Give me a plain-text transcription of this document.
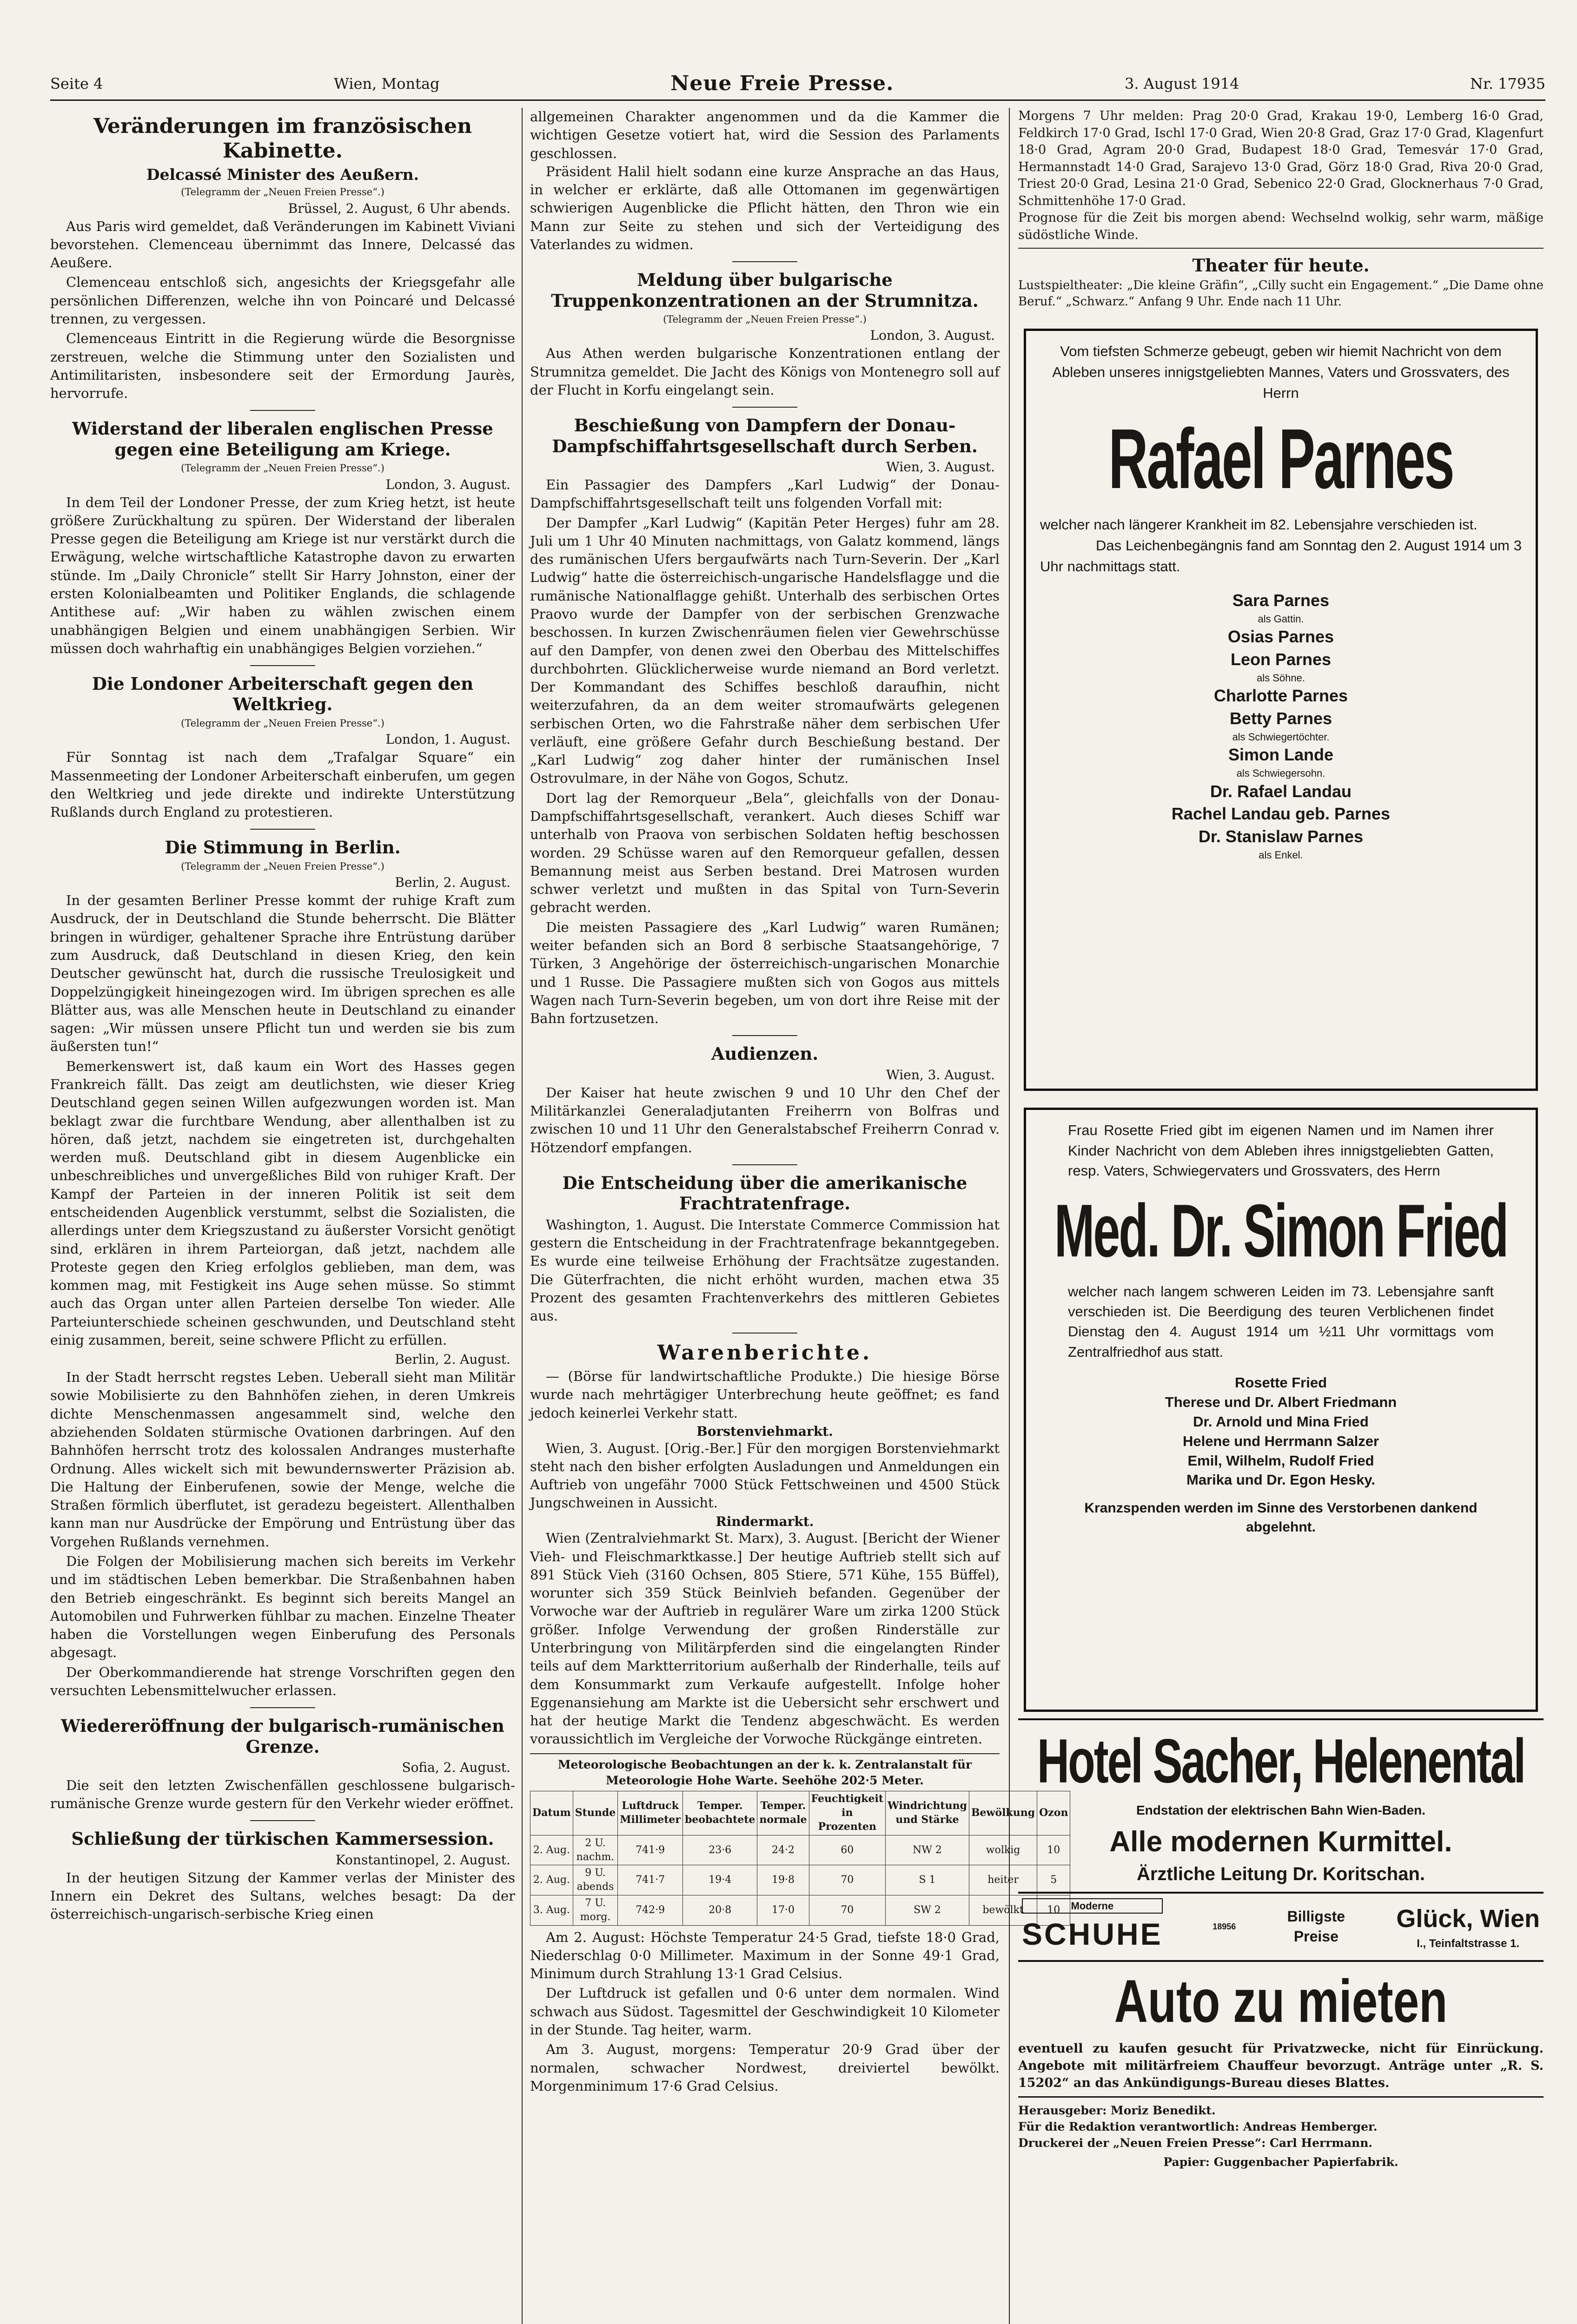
Seite 4	Wien, Montag	Neue Freie Presse.	3. August 1914	Nr. 17935
Veränderungen im französischen Kabinette.
Delcassé Minister des Aeußern.
(Telegramm der „Neuen Freien Presse“.)
Brüssel, 2. August, 6 Uhr abends.

Aus Paris wird gemeldet, daß Veränderungen im Kabinett Viviani bevorstehen. Clemenceau übernimmt das Innere, Delcassé das Aeußere.

Clemenceau entschloß sich, angesichts der Kriegsgefahr alle persönlichen Differenzen, welche ihn von Poincaré und Delcassé trennen, zu vergessen.

Clemenceaus Eintritt in die Regierung würde die Besorgnisse zerstreuen, welche die Stimmung unter den Sozialisten und Antimilitaristen, insbesondere seit der Ermordung Jaurès, hervorrufe.

Widerstand der liberalen englischen Presse gegen eine Beteiligung am Kriege.
(Telegramm der „Neuen Freien Presse“.)
London, 3. August.

In dem Teil der Londoner Presse, der zum Krieg hetzt, ist heute größere Zurückhaltung zu spüren. Der Widerstand der liberalen Presse gegen die Beteiligung am Kriege ist nur verstärkt durch die Erwägung, welche wirtschaftliche Katastrophe davon zu erwarten stünde. Im „Daily Chronicle“ stellt Sir Harry Johnston, einer der ersten Kolonialbeamten und Politiker Englands, die schlagende Antithese auf: „Wir haben zu wählen zwischen einem unabhängigen Belgien und einem unabhängigen Serbien. Wir müssen doch wahrhaftig ein unabhängiges Belgien vorziehen.“

Die Londoner Arbeiterschaft gegen den Weltkrieg.
(Telegramm der „Neuen Freien Presse“.)
London, 1. August.

Für Sonntag ist nach dem „Trafalgar Square“ ein Massenmeeting der Londoner Arbeiterschaft einberufen, um gegen den Weltkrieg und jede direkte und indirekte Unterstützung Rußlands durch England zu protestieren.

Die Stimmung in Berlin.
(Telegramm der „Neuen Freien Presse“.)
Berlin, 2. August.

In der gesamten Berliner Presse kommt der ruhige Kraft zum Ausdruck, der in Deutschland die Stunde beherrscht. Die Blätter bringen in würdiger, gehaltener Sprache ihre Entrüstung darüber zum Ausdruck, daß Deutschland in diesen Krieg, den kein Deutscher gewünscht hat, durch die russische Treulosigkeit und Doppelzüngigkeit hineingezogen wird. Im übrigen sprechen es alle Blätter aus, was alle Menschen heute in Deutschland zu einander sagen: „Wir müssen unsere Pflicht tun und werden sie bis zum äußersten tun!“

Bemerkenswert ist, daß kaum ein Wort des Hasses gegen Frankreich fällt. Das zeigt am deutlichsten, wie dieser Krieg Deutschland gegen seinen Willen aufgezwungen worden ist. Man beklagt zwar die furchtbare Wendung, aber allenthalben ist zu hören, daß jetzt, nachdem sie eingetreten ist, durchgehalten werden muß. Deutschland gibt in diesem Augenblicke ein unbeschreibliches und unvergeßliches Bild von ruhiger Kraft. Der Kampf der Parteien in der inneren Politik ist seit dem entscheidenden Augenblick verstummt, selbst die Sozialisten, die allerdings unter dem Kriegszustand zu äußerster Vorsicht genötigt sind, erklären in ihrem Parteiorgan, daß jetzt, nachdem alle Proteste gegen den Krieg erfolglos geblieben, man dem, was kommen mag, mit Festigkeit ins Auge sehen müsse. So stimmt auch das Organ unter allen Parteien derselbe Ton wieder. Alle Parteiunterschiede scheinen geschwunden, und Deutschland steht einig zusammen, bereit, seine schwere Pflicht zu erfüllen.

Berlin, 2. August.

In der Stadt herrscht regstes Leben. Ueberall sieht man Militär sowie Mobilisierte zu den Bahnhöfen ziehen, in deren Umkreis dichte Menschenmassen angesammelt sind, welche den abziehenden Soldaten stürmische Ovationen darbringen. Auf den Bahnhöfen herrscht trotz des kolossalen Andranges musterhafte Ordnung. Alles wickelt sich mit bewundernswerter Präzision ab. Die Haltung der Einberufenen, sowie der Menge, welche die Straßen förmlich überflutet, ist geradezu begeistert. Allenthalben kann man nur Ausdrücke der Empörung und Entrüstung über das Vorgehen Rußlands vernehmen.

Die Folgen der Mobilisierung machen sich bereits im Verkehr und im städtischen Leben bemerkbar. Die Straßenbahnen haben den Betrieb eingeschränkt. Es beginnt sich bereits Mangel an Automobilen und Fuhrwerken fühlbar zu machen. Einzelne Theater haben die Vorstellungen wegen Einberufung des Personals abgesagt.

Der Oberkommandierende hat strenge Vorschriften gegen den versuchten Lebensmittelwucher erlassen.

Wiedereröffnung der bulgarisch-rumänischen Grenze.
Sofia, 2. August.

Die seit den letzten Zwischenfällen geschlossene bulgarisch-rumänische Grenze wurde gestern für den Verkehr wieder eröffnet.

Schließung der türkischen Kammersession.
Konstantinopel, 2. August.

In der heutigen Sitzung der Kammer verlas der Minister des Innern ein Dekret des Sultans, welches besagt: Da der österreichisch-ungarisch-serbische Krieg einen

allgemeinen Charakter angenommen und da die Kammer die wichtigen Gesetze votiert hat, wird die Session des Parlaments geschlossen.

Präsident Halil hielt sodann eine kurze Ansprache an das Haus, in welcher er erklärte, daß alle Ottomanen im gegenwärtigen schwierigen Augenblicke die Pflicht hätten, den Thron wie ein Mann zur Seite zu stehen und sich der Verteidigung des Vaterlandes zu widmen.

Meldung über bulgarische Truppenkonzentrationen an der Strumnitza.
(Telegramm der „Neuen Freien Presse“.)
London, 3. August.

Aus Athen werden bulgarische Konzentrationen entlang der Strumnitza gemeldet. Die Jacht des Königs von Montenegro soll auf der Flucht in Korfu eingelangt sein.

Beschießung von Dampfern der Donau-Dampfschiffahrtsgesellschaft durch Serben.
Wien, 3. August.

Ein Passagier des Dampfers „Karl Ludwig“ der Donau-Dampfschiffahrtsgesellschaft teilt uns folgenden Vorfall mit:

Der Dampfer „Karl Ludwig“ (Kapitän Peter Herges) fuhr am 28. Juli um 1 Uhr 40 Minuten nachmittags, von Galatz kommend, längs des rumänischen Ufers bergaufwärts nach Turn-Severin. Der „Karl Ludwig“ hatte die österreichisch-ungarische Handelsflagge und die rumänische Nationalflagge gehißt. Unterhalb des serbischen Ortes Praovo wurde der Dampfer von der serbischen Grenzwache beschossen. In kurzen Zwischenräumen fielen vier Gewehrschüsse auf den Dampfer, von denen zwei den Oberbau des Mittelschiffes durchbohrten. Glücklicherweise wurde niemand an Bord verletzt. Der Kommandant des Schiffes beschloß daraufhin, nicht weiterzufahren, da an dem weiter stromaufwärts gelegenen serbischen Orten, wo die Fahrstraße näher dem serbischen Ufer verläuft, eine größere Gefahr durch Beschießung bestand. Der „Karl Ludwig“ zog daher hinter der rumänischen Insel Ostrovulmare, in der Nähe von Gogos, Schutz.

Dort lag der Remorqueur „Bela“, gleichfalls von der Donau-Dampfschiffahrtsgesellschaft, verankert. Auch dieses Schiff war unterhalb von Praova von serbischen Soldaten heftig beschossen worden. 29 Schüsse waren auf den Remorqueur gefallen, dessen Bemannung meist aus Serben bestand. Drei Matrosen wurden schwer verletzt und mußten in das Spital von Turn-Severin gebracht werden.

Die meisten Passagiere des „Karl Ludwig“ waren Rumänen; weiter befanden sich an Bord 8 serbische Staatsangehörige, 7 Türken, 3 Angehörige der österreichisch-ungarischen Monarchie und 1 Russe. Die Passagiere mußten sich von Gogos aus mittels Wagen nach Turn-Severin begeben, um von dort ihre Reise mit der Bahn fortzusetzen.

Audienzen.
Wien, 3. August.

Der Kaiser hat heute zwischen 9 und 10 Uhr den Chef der Militärkanzlei Generaladjutanten Freiherrn von Bolfras und zwischen 10 und 11 Uhr den Generalstabschef Freiherrn Conrad v. Hötzendorf empfangen.

Die Entscheidung über die amerikanische Frachtratenfrage.

Washington, 1. August. Die Interstate Commerce Commission hat gestern die Entscheidung in der Frachtratenfrage bekanntgegeben. Es wurde eine teilweise Erhöhung der Frachtsätze zugestanden. Die Güterfrachten, die nicht erhöht wurden, machen etwa 35 Prozent des gesamten Frachtenverkehrs des mittleren Gebietes aus.

Warenberichte.

— (Börse für landwirtschaftliche Produkte.) Die hiesige Börse wurde nach mehrtägiger Unterbrechung heute geöffnet; es fand jedoch keinerlei Verkehr statt.

Borstenviehmarkt.

Wien, 3. August. [Orig.-Ber.] Für den morgigen Borstenviehmarkt steht nach den bisher erfolgten Ausladungen und Anmeldungen ein Auftrieb von ungefähr 7000 Stück Fettschweinen und 4500 Stück Jungschweinen in Aussicht.

Rindermarkt.

Wien (Zentralviehmarkt St. Marx), 3. August. [Bericht der Wiener Vieh- und Fleischmarktkasse.] Der heutige Auftrieb stellt sich auf 891 Stück Vieh (3160 Ochsen, 805 Stiere, 571 Kühe, 155 Büffel), worunter sich 359 Stück Beinlvieh befanden. Gegenüber der Vorwoche war der Auftrieb in regulärer Ware um zirka 1200 Stück größer. Infolge Verwendung der großen Rinderställe zur Unterbringung von Militärpferden sind die eingelangten Rinder teils auf dem Marktterritorium außerhalb der Rinderhalle, teils auf dem Konsummarkt zum Verkaufe aufgestellt. Infolge hoher Eggenansiehung am Markte ist die Uebersicht sehr erschwert und hat der heutige Markt die Tendenz abgeschwächt. Es werden voraussichtlich im Vergleiche der Vorwoche Rückgänge eintreten.

Meteorologische Beobachtungen an der k. k. Zentralanstalt für Meteorologie Hohe Warte. Seehöhe 202·5 Meter.
Datum	Stunde	Luftdruck Millimeter	Temper. beobachtete	Temper. normale	Feuchtigkeit in Prozenten	Windrichtung und Stärke	Bewölkung	Ozon
2. Aug.	2 U. nachm.	741·9	23·6	24·2	60	NW 2	wolkig	10
2. Aug.	9 U. abends	741·7	19·4	19·8	70	S 1	heiter	5
3. Aug.	7 U. morg.	742·9	20·8	17·0	70	SW 2	bewölkt	10

Am 2. August: Höchste Temperatur 24·5 Grad, tiefste 18·0 Grad, Niederschlag 0·0 Millimeter. Maximum in der Sonne 49·1 Grad, Minimum durch Strahlung 13·1 Grad Celsius.

Der Luftdruck ist gefallen und 0·6 unter dem normalen. Wind schwach aus Südost. Tagesmittel der Geschwindigkeit 10 Kilometer in der Stunde. Tag heiter, warm.

Am 3. August, morgens: Temperatur 20·9 Grad über der normalen, schwacher Nordwest, dreiviertel bewölkt. Morgenminimum 17·6 Grad Celsius.

Morgens 7 Uhr melden: Prag 20·0 Grad, Krakau 19·0, Lemberg 16·0 Grad, Feldkirch 17·0 Grad, Ischl 17·0 Grad, Wien 20·8 Grad, Graz 17·0 Grad, Klagenfurt 18·0 Grad, Agram 20·0 Grad, Budapest 18·0 Grad, Temesvár 17·0 Grad, Hermannstadt 14·0 Grad, Sarajevo 13·0 Grad, Görz 18·0 Grad, Riva 20·0 Grad, Triest 20·0 Grad, Lesina 21·0 Grad, Sebenico 22·0 Grad, Glocknerhaus 7·0 Grad, Schmittenhöhe 17·0 Grad.

Prognose für die Zeit bis morgen abend: Wechselnd wolkig, sehr warm, mäßige südöstliche Winde.

Theater für heute.

Lustspieltheater: „Die kleine Gräfin“, „Cilly sucht ein Engagement.“ „Die Dame ohne Beruf.“ „Schwarz.“ Anfang 9 Uhr. Ende nach 11 Uhr.

Vom tiefsten Schmerze gebeugt, geben wir hiemit Nachricht von dem Ableben unseres innigstgeliebten Mannes, Vaters und Grossvaters, des Herrn

Rafael Parnes

welcher nach längerer Krankheit im 82. Lebensjahre verschieden ist.

Das Leichenbegängnis fand am Sonntag den 2. August 1914 um 3 Uhr nachmittags statt.

Sara Parnes
als Gattin.
Osias Parnes
Leon Parnes
als Söhne.
Charlotte Parnes
Betty Parnes
als Schwiegertöchter.
Simon Lande
als Schwiegersohn.
Dr. Rafael Landau
Rachel Landau geb. Parnes
Dr. Stanislaw Parnes
als Enkel.

Frau Rosette Fried gibt im eigenen Namen und im Namen ihrer Kinder Nachricht von dem Ableben ihres innigstgeliebten Gatten, resp. Vaters, Schwiegervaters und Grossvaters, des Herrn

Med. Dr. Simon Fried

welcher nach langem schweren Leiden im 73. Lebensjahre sanft verschieden ist. Die Beerdigung des teuren Verblichenen findet Dienstag den 4. August 1914 um ½11 Uhr vormittags vom Zentralfriedhof aus statt.

Rosette Fried
Therese und Dr. Albert Friedmann
Dr. Arnold und Mina Fried
Helene und Herrmann Salzer
Emil, Wilhelm, Rudolf Fried
Marika und Dr. Egon Hesky.

Kranzspenden werden im Sinne des Verstorbenen dankend abgelehnt.

Hotel Sacher, Helenental
Endstation der elektrischen Bahn Wien-Baden.
Alle modernen Kurmittel.
Ärztliche Leitung Dr. Koritschan.
Moderne
SCHUHE	18956
Billigste Preise
Glück, Wien
I., Teinfaltstrasse 1.
Auto zu mieten

eventuell zu kaufen gesucht für Privatzwecke, nicht für Einrückung. Angebote mit militärfreiem Chauffeur bevorzugt. Anträge unter „R. S. 15202“ an das Ankündigungs-Bureau dieses Blattes.

Herausgeber: Moriz Benedikt.
Für die Redaktion verantwortlich: Andreas Hemberger.
Druckerei der „Neuen Freien Presse“: Carl Herrmann.
Papier: Guggenbacher Papierfabrik.
